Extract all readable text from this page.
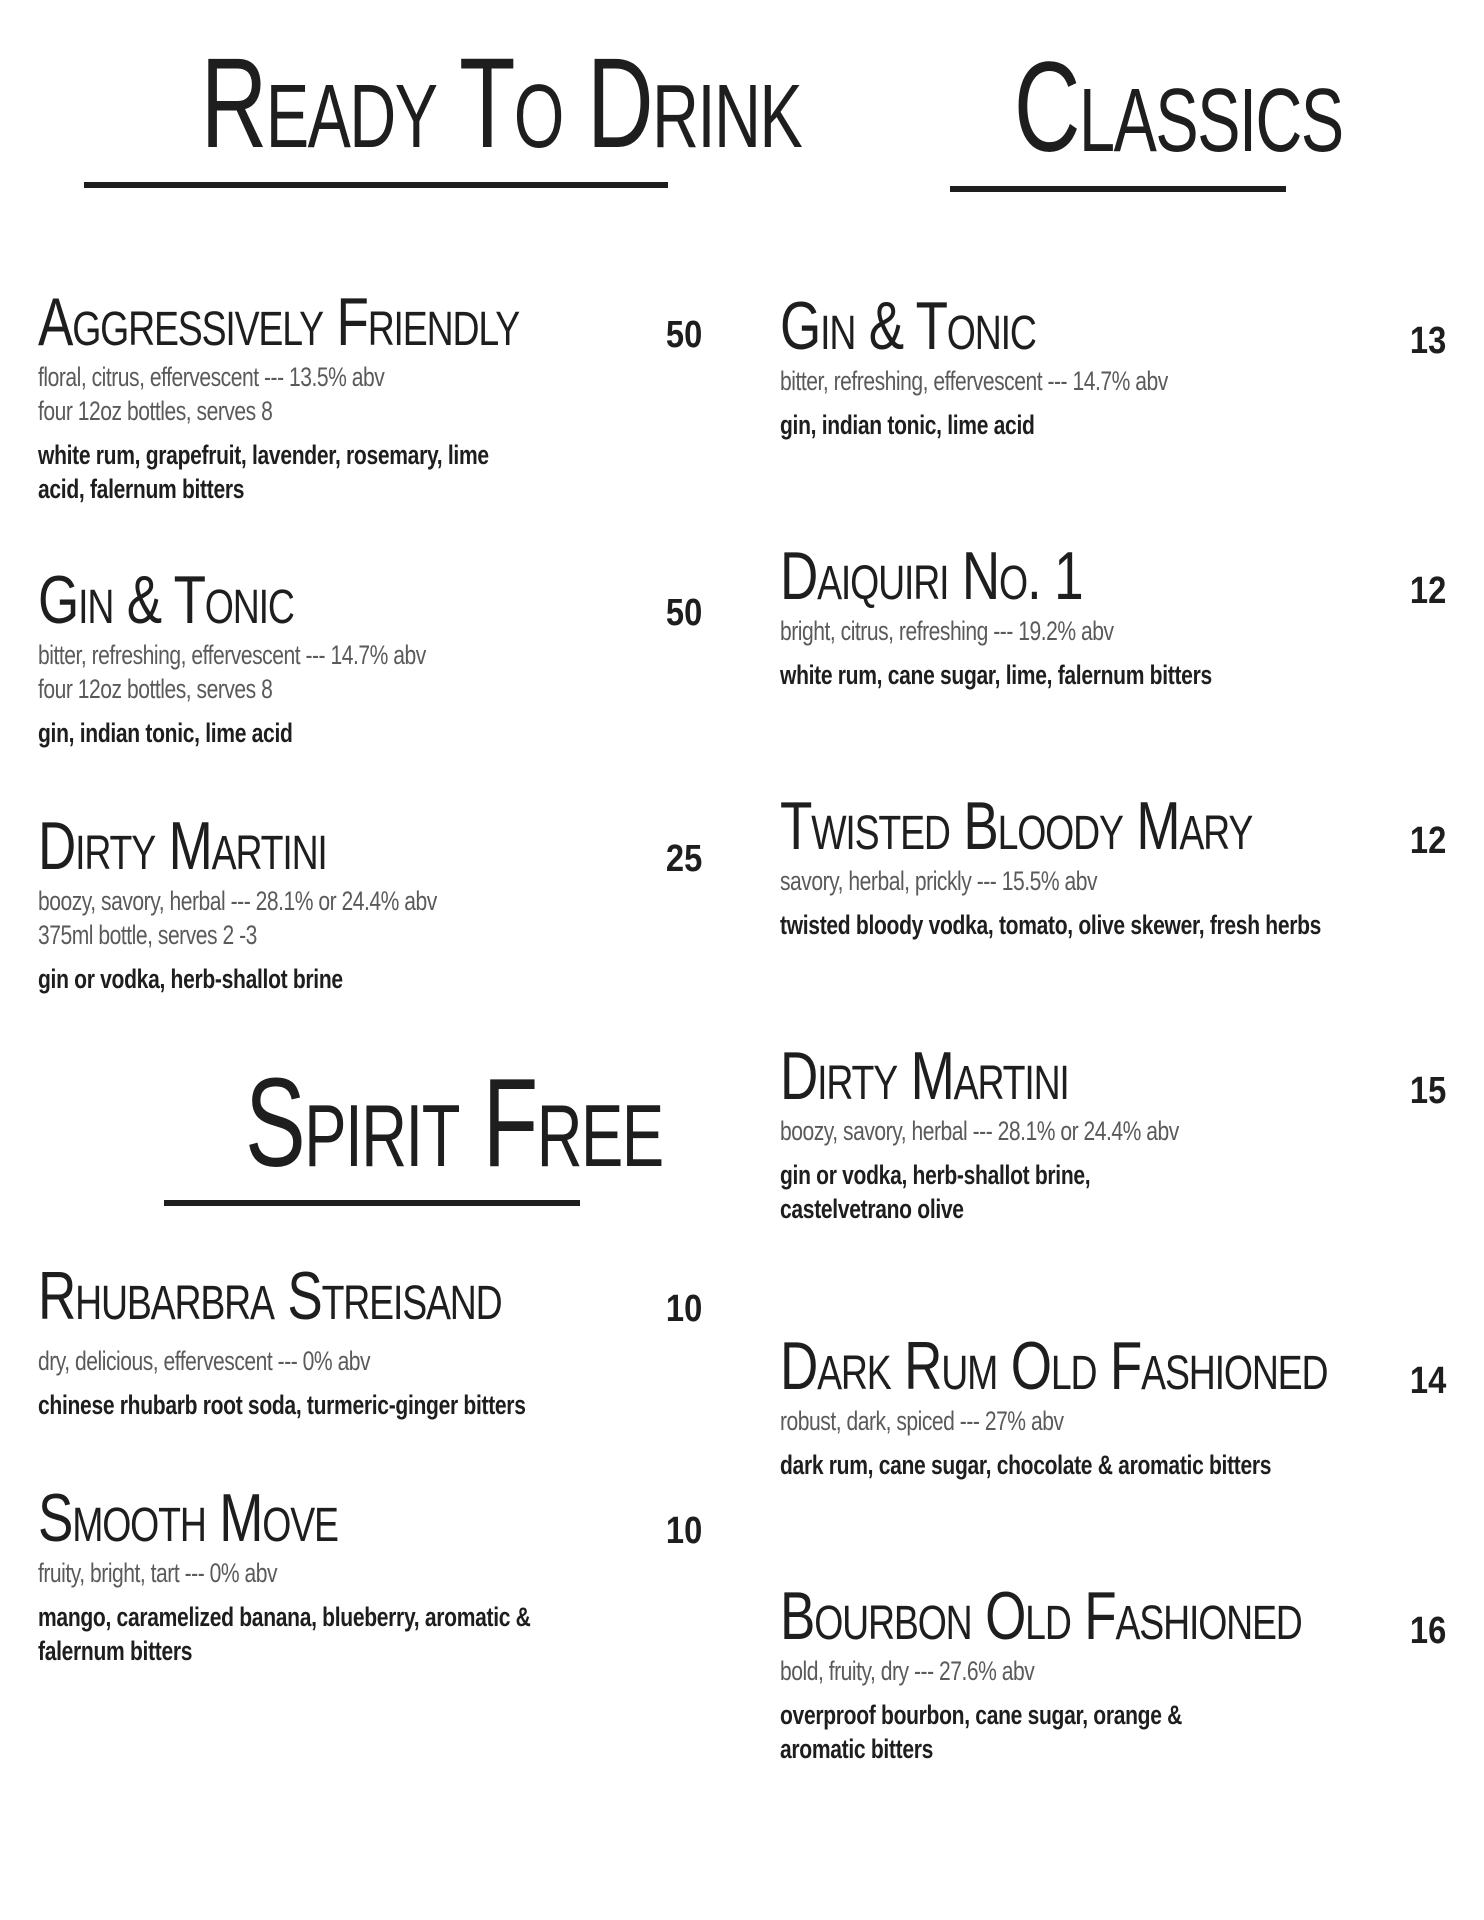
Ready To Drink
Aggressively Friendly	50
floral, citrus, effervescent --- 13.5% abv
four 12oz bottles, serves 8
white rum, grapefruit, lavender, rosemary, lime acid, falernum bitters
Gin & Tonic	50
bitter, refreshing, effervescent --- 14.7% abv
four 12oz bottles, serves 8
gin, indian tonic, lime acid
Dirty Martini	25
boozy, savory, herbal --- 28.1% or 24.4% abv
375ml bottle, serves 2 -3
gin or vodka, herb-shallot brine
Spirit Free
Rhubarbra Streisand	10
dry, delicious, effervescent --- 0% abv
chinese rhubarb root soda, turmeric-ginger bitters
Smooth Move	10
fruity, bright, tart --- 0% abv
mango, caramelized banana, blueberry, aromatic & falernum bitters
Classics
Gin & Tonic	13
bitter, refreshing, effervescent --- 14.7% abv
gin, indian tonic, lime acid
Daiquiri No. 1	12
bright, citrus, refreshing --- 19.2% abv
white rum, cane sugar, lime, falernum bitters
Twisted Bloody Mary	12
savory, herbal, prickly --- 15.5% abv
twisted bloody vodka, tomato, olive skewer, fresh herbs
Dirty Martini	15
boozy, savory, herbal --- 28.1% or 24.4% abv
gin or vodka, herb-shallot brine, castelvetrano olive
Dark Rum Old Fashioned 14
robust, dark, spiced --- 27% abv
dark rum, cane sugar, chocolate & aromatic bitters
Bourbon Old Fashioned	16
bold, fruity, dry --- 27.6% abv
overproof bourbon, cane sugar, orange & aromatic bitters
